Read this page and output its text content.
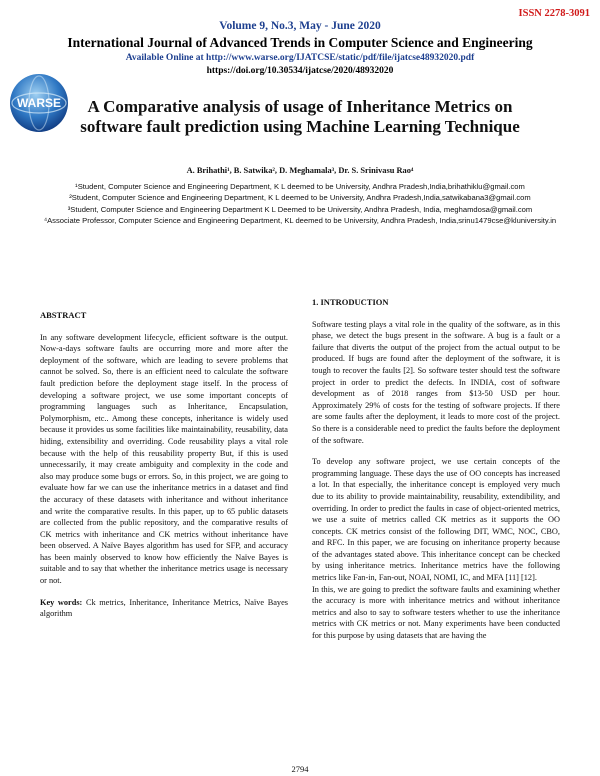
ISSN 2278-3091
Volume 9, No.3, May - June 2020
International Journal of Advanced Trends in Computer Science and Engineering
Available Online at http://www.warse.org/IJATCSE/static/pdf/file/ijatcse48932020.pdf
https://doi.org/10.30534/ijatcse/2020/48932020
WARSE	A Comparative analysis of usage of Inheritance Metrics on software fault prediction using Machine Learning Technique
A. Brihathi¹, B. Satwika², D. Meghamala³, Dr. S. Srinivasu Rao⁴

¹Student, Computer Science and Engineering Department, K L deemed to be University, Andhra Pradesh,India,brihathiklu@gmail.com

²Student, Computer Science and Engineering Department, K L deemed to be University, Andhra Pradesh,India,satwikabana3@gmail.com

³Student, Computer Science and Engineering Department K L Deemed to be University, Andhra Pradesh, India, meghamdosa@gmail.com

⁴Associate Professor, Computer Science and Engineering Department, KL deemed to be University, Andhra Pradesh, India,srinu1479cse@kluniversity.in

ABSTRACT

In any software development lifecycle, efficient software is the output. Now-a-days software faults are occurring more and more after the deployment of the software, which are leading to severe problems that cannot be solved. So, there is an efficient need to calculate the software fault prediction before the deployment stage itself. In the process of developing a software project, we use some important concepts of programming languages such as Inheritance, Encapsulation, Polymorphism, etc.. Among these concepts, inheritance is widely used because it provides us some facilities like maintainability, reusability, data hiding, extensibility and overriding. Code reusability plays a vital role because with the help of this reusability property But, if this is used unnecessarily, it may create ambiguity and complexity in the code and also may produce some bugs or errors. So, in this project, we are going to evaluate how far we can use the inheritance metrics in a dataset and find the accuracy of these datasets with inheritance and without inheritance and write the comparative results. In this paper, up to 65 public datasets are collected from the public repository, and the comparative results of CK metrics with inheritance and CK metrics without inheritance have been observed. A Naïve Bayes algorithm has used for SFP, and accuracy has been mainly observed to know how efficiently the Naïve Bayes is suitable and to say that whether the inheritance metrics usage is necessary or not.

Key words: Ck metrics, Inheritance, Inheritance Metrics, Naïve Bayes algorithm

1. INTRODUCTION

Software testing plays a vital role in the quality of the software, as in this phase, we detect the bugs present in the software. A bug is a fault or a failure that diverts the output of the project from the actual output to be produced. If bugs are found after the deployment of the software, it is tough to recover the faults [2]. So software tester should test the software project in order to predict the defects. In INDIA, cost of software development as of 2018 ranges from $13-50 USD per hour. Approximately 29% of costs for the testing of software projects. If there are some faults after the deployment, it leads to more cost of the project. So there is a considerable need to predict the faults before the deployment of the software.

To develop any software project, we use certain concepts of the programming language. These days the use of OO concepts has increased a lot. In that especially, the inheritance concept is employed very much due to its ability to provide maintainability, reusability, extendibility, and overriding. In order to predict the faults in case of object-oriented metrics, we use a suite of metrics called CK metrics as it supports the OO concepts. CK metrics consist of the following DIT, WMC, NOC, CBO, and RFC. In this paper, we are focusing on inheritance property because of the advantages stated above. This inheritance concept can be checked by using inheritance metrics. Inheritance metrics have the following metrics like Fan-in, Fan-out, NOAI, NOMI, IC, and MFA [11] [12].

In this, we are going to predict the software faults and examining whether the accuracy is more with inheritance metrics and without inheritance metrics and also to say to software testers whether to use the inheritance metrics with CK metrics or not. Many experiments have been conducted for this purpose by using datasets that are having the

2794
